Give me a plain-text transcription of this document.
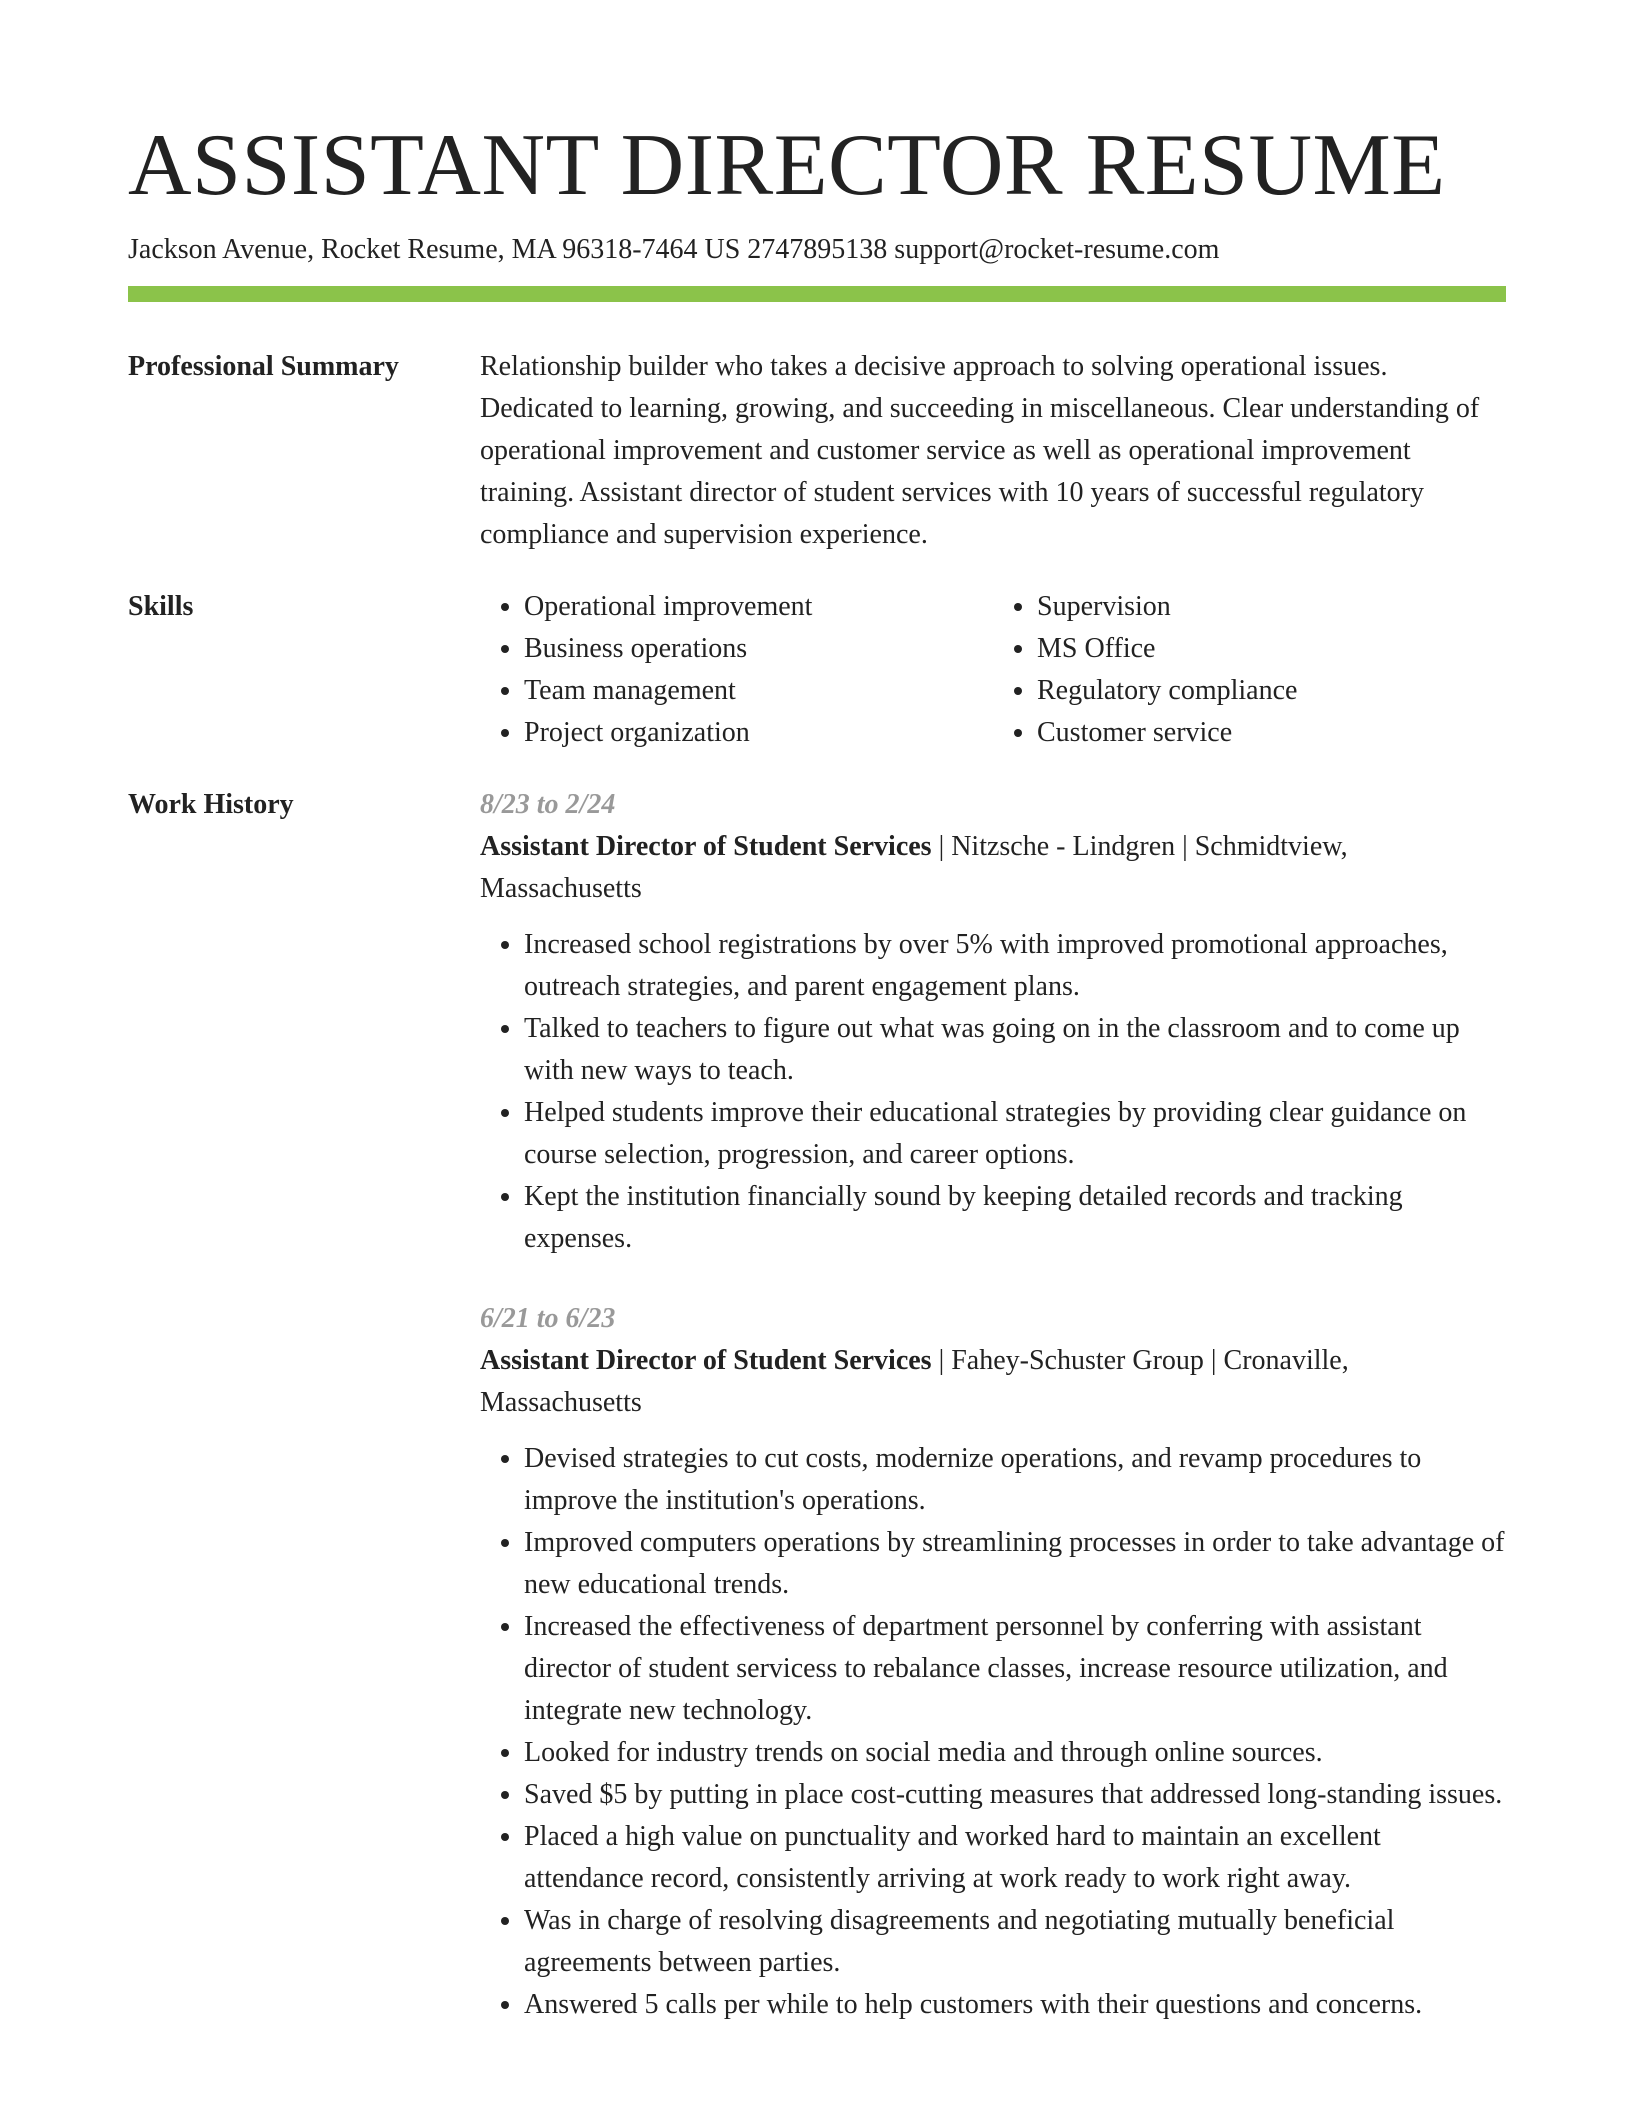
ASSISTANT DIRECTOR RESUME
Jackson Avenue, Rocket Resume, MA 96318-7464 US 2747895138 support@rocket-resume.com
Professional Summary	Relationship builder who takes a decisive approach to solving operational issues. Dedicated to learning, growing, and succeeding in miscellaneous. Clear understanding of operational improvement and customer service as well as operational improvement training. Assistant director of student services with 10 years of successful regulatory compliance and supervision experience.

Skills
•	Operational improvement
• Business operations
• Team management
• Project organization
• Supervision
• MS Office
• Regulatory compliance
• Customer service
Work History	8/23 to 2/24
Assistant Director of Student Services | Nitzsche - Lindgren | Schmidtview, Massachusetts
• Increased school registrations by over 5% with improved promotional approaches, outreach strategies, and parent engagement plans.
• Talked to teachers to figure out what was going on in the classroom and to come up with new ways to teach.
• Helped students improve their educational strategies by providing clear guidance on course selection, progression, and career options.
• Kept the institution financially sound by keeping detailed records and tracking expenses.
6/21 to 6/23
Assistant Director of Student Services | Fahey-Schuster Group | Cronaville, Massachusetts
• Devised strategies to cut costs, modernize operations, and revamp procedures to improve the institution's operations.
• Improved computers operations by streamlining processes in order to take advantage of new educational trends.
• Increased the effectiveness of department personnel by conferring with assistant director of student servicess to rebalance classes, increase resource utilization, and integrate new technology.
• Looked for industry trends on social media and through online sources.
• Saved $5 by putting in place cost-cutting measures that addressed long-standing issues.
• Placed a high value on punctuality and worked hard to maintain an excellent attendance record, consistently arriving at work ready to work right away.
• Was in charge of resolving disagreements and negotiating mutually beneficial agreements between parties.
• Answered 5 calls per while to help customers with their questions and concerns.
